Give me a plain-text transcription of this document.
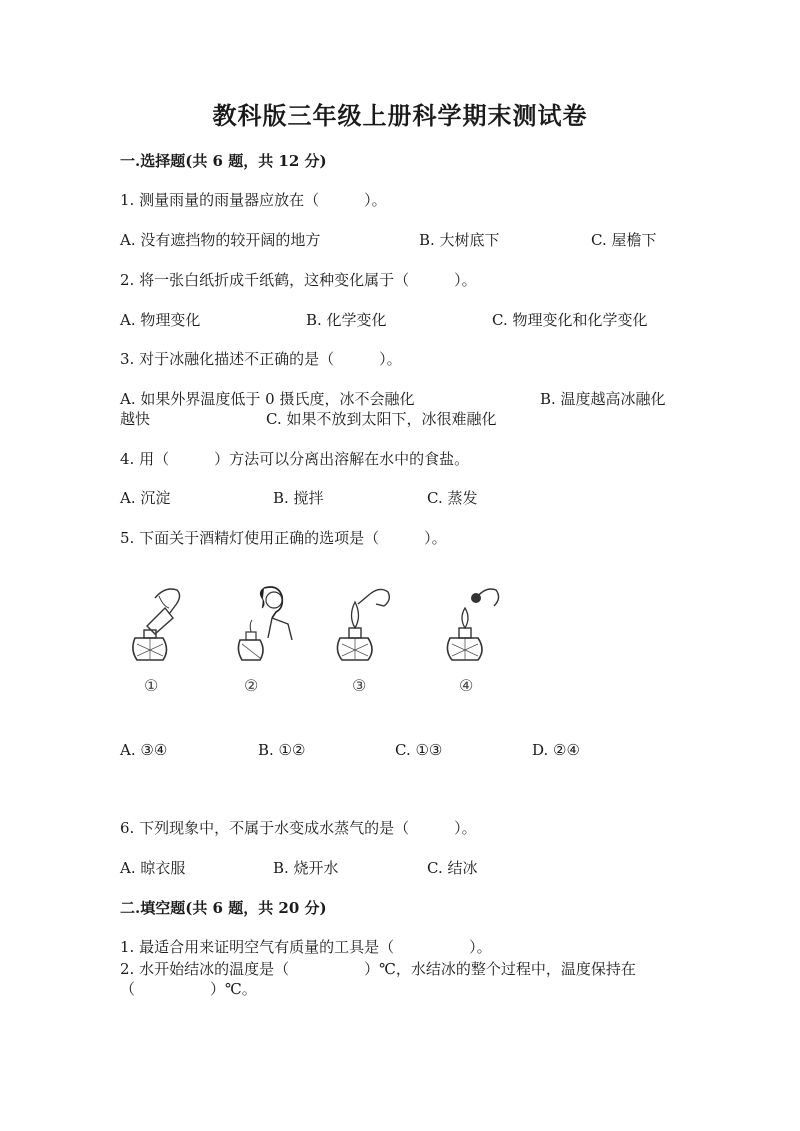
教科版三年级上册科学期末测试卷
一.选择题(共 6 题，共 12 分)
1. 测量雨量的雨量器应放在（　　　）。
A. 没有遮挡物的较开阔的地方	B. 大树底下	C. 屋檐下
2. 将一张白纸折成千纸鹤，这种变化属于（　　　）。
A. 物理变化	B. 化学变化	C. 物理变化和化学变化
3. 对于冰融化描述不正确的是（　　　）。
A. 如果外界温度低于 0 摄氏度，冰不会融化	B. 温度越高冰融化
越快	C. 如果不放到太阳下，冰很难融化
4. 用（　　　）方法可以分离出溶解在水中的食盐。
A. 沉淀	B. 搅拌	C. 蒸发
5. 下面关于酒精灯使用正确的选项是（　　　）。
①	②	③	④
A. ③④	B. ①②	C. ①③	D. ②④
6. 下列现象中，不属于水变成水蒸气的是（　　　）。
A. 晾衣服	B. 烧开水	C. 结冰
二.填空题(共 6 题，共 20 分)
1. 最适合用来证明空气有质量的工具是（　　　　　）。
2. 水开始结冰的温度是（　　　　　）℃，水结冰的整个过程中，温度保持在
（　　　　　）℃。
